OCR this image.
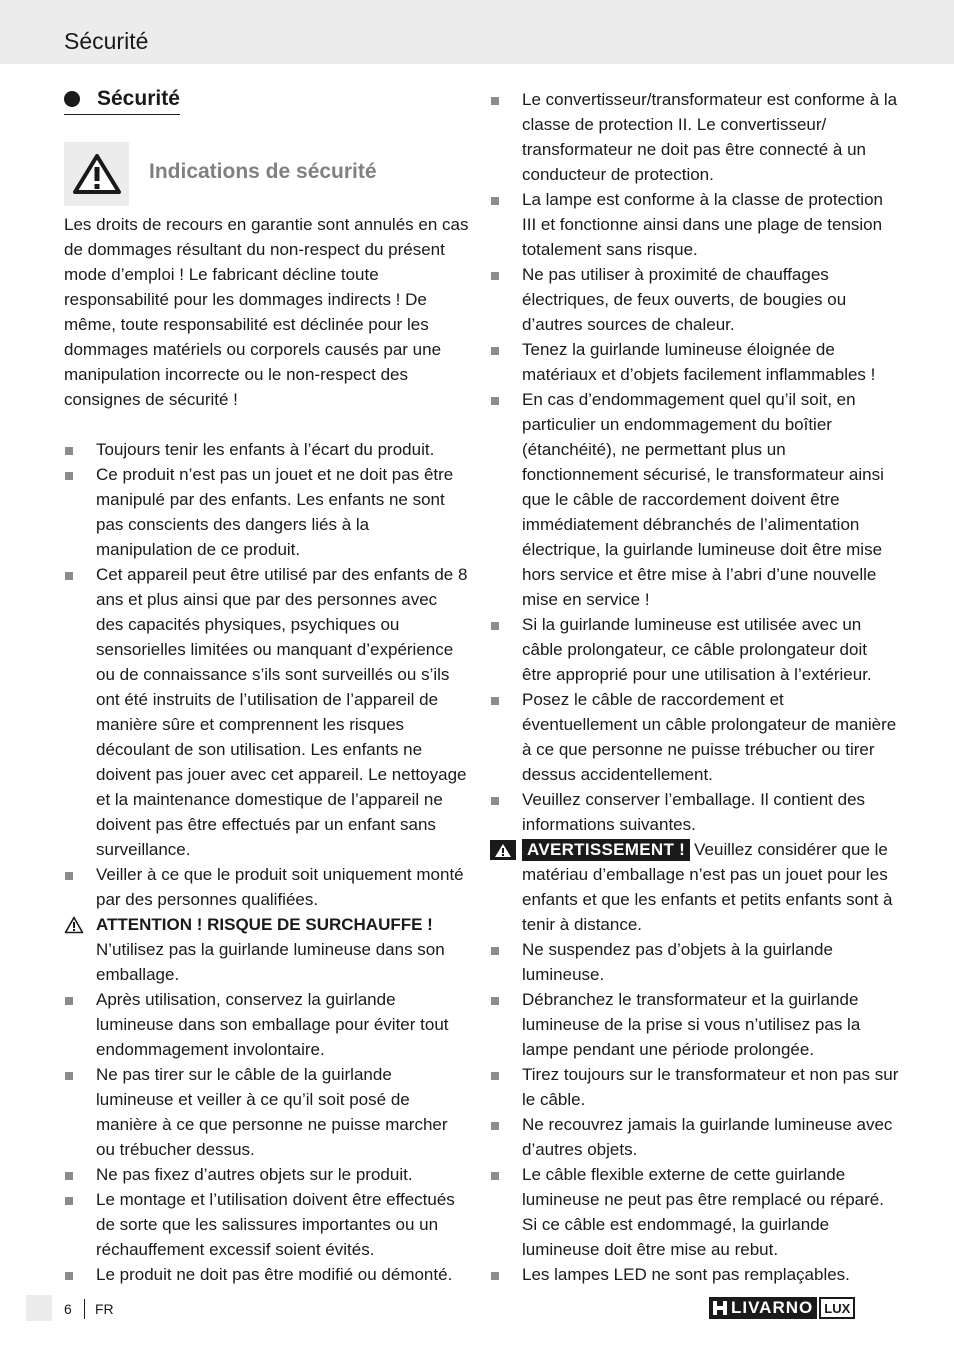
Sécurité
Sécurité
Indications de sécurité

Les droits de recours en garantie sont annulés en cas de dommages résultant du non-respect du présent mode d’emploi ! Le fabricant décline toute responsabilité pour les dommages indirects ! De même, toute responsabilité est déclinée pour les dommages matériels ou corporels causés par une manipulation incorrecte ou le non-respect des consignes de sécurité !

Toujours tenir les enfants à l’écart du produit.
Ce produit n’est pas un jouet et ne doit pas être manipulé par des enfants. Les enfants ne sont pas conscients des dangers liés à la manipulation de ce produit.
Cet appareil peut être utilisé par des enfants de 8 ans et plus ainsi que par des personnes avec des capacités physiques, psychiques ou sensorielles limitées ou manquant d’expérience ou de connaissance s’ils sont surveillés ou s’ils ont été instruits de l’utilisation de l’appareil de manière sûre et comprennent les risques découlant de son utilisation. Les enfants ne doivent pas jouer avec cet appareil. Le nettoyage et la maintenance domestique de l’appareil ne doivent pas être effectués par un enfant sans surveillance.
Veiller à ce que le produit soit uniquement monté par des personnes qualifiées.
ATTENTION ! RISQUE DE SURCHAUFFE !
N’utilisez pas la guirlande lumineuse dans son emballage.
Après utilisation, conservez la guirlande lumineuse dans son emballage pour éviter tout endommagement involontaire.
Ne pas tirer sur le câble de la guirlande lumineuse et veiller à ce qu’il soit posé de manière à ce que personne ne puisse marcher ou trébucher dessus.
Ne pas fixez d’autres objets sur le produit.
Le montage et l’utilisation doivent être effectués de sorte que les salissures importantes ou un réchauffement excessif soient évités.
Le produit ne doit pas être modifié ou démonté.
Le convertisseur/transformateur est conforme à la classe de protection II. Le convertisseur/ transformateur ne doit pas être connecté à un conducteur de protection.
La lampe est conforme à la classe de protection III et fonctionne ainsi dans une plage de tension totalement sans risque.
Ne pas utiliser à proximité de chauffages électriques, de feux ouverts, de bougies ou d’autres sources de chaleur.
Tenez la guirlande lumineuse éloignée de matériaux et d’objets facilement inflammables !
En cas d’endommagement quel qu’il soit, en particulier un endommagement du boîtier (étanchéité), ne permettant plus un fonctionnement sécurisé, le transformateur ainsi que le câble de raccordement doivent être immédiatement débranchés de l’alimentation électrique, la guirlande lumineuse doit être mise hors service et être mise à l’abri d’une nouvelle mise en service !
Si la guirlande lumineuse est utilisée avec un câble prolongateur, ce câble prolongateur doit être approprié pour une utilisation à l’extérieur.
Posez le câble de raccordement et éventuellement un câble prolongateur de manière à ce que personne ne puisse trébucher ou tirer dessus accidentellement.
Veuillez conserver l’emballage. Il contient des informations suivantes.
AVERTISSEMENT ! Veuillez considérer que le matériau d’emballage n’est pas un jouet pour les enfants et que les enfants et petits enfants sont à tenir à distance.
Ne suspendez pas d’objets à la guirlande lumineuse.
Débranchez le transformateur et la guirlande lumineuse de la prise si vous n’utilisez pas la lampe pendant une période prolongée.
Tirez toujours sur le transformateur et non pas sur le câble.
Ne recouvrez jamais la guirlande lumineuse avec d’autres objets.
Le câble flexible externe de cette guirlande lumineuse ne peut pas être remplacé ou réparé. Si ce câble est endommagé, la guirlande lumineuse doit être mise au rebut.
Les lampes LED ne sont pas remplaçables.
6 FR	LIVARNO LUX
